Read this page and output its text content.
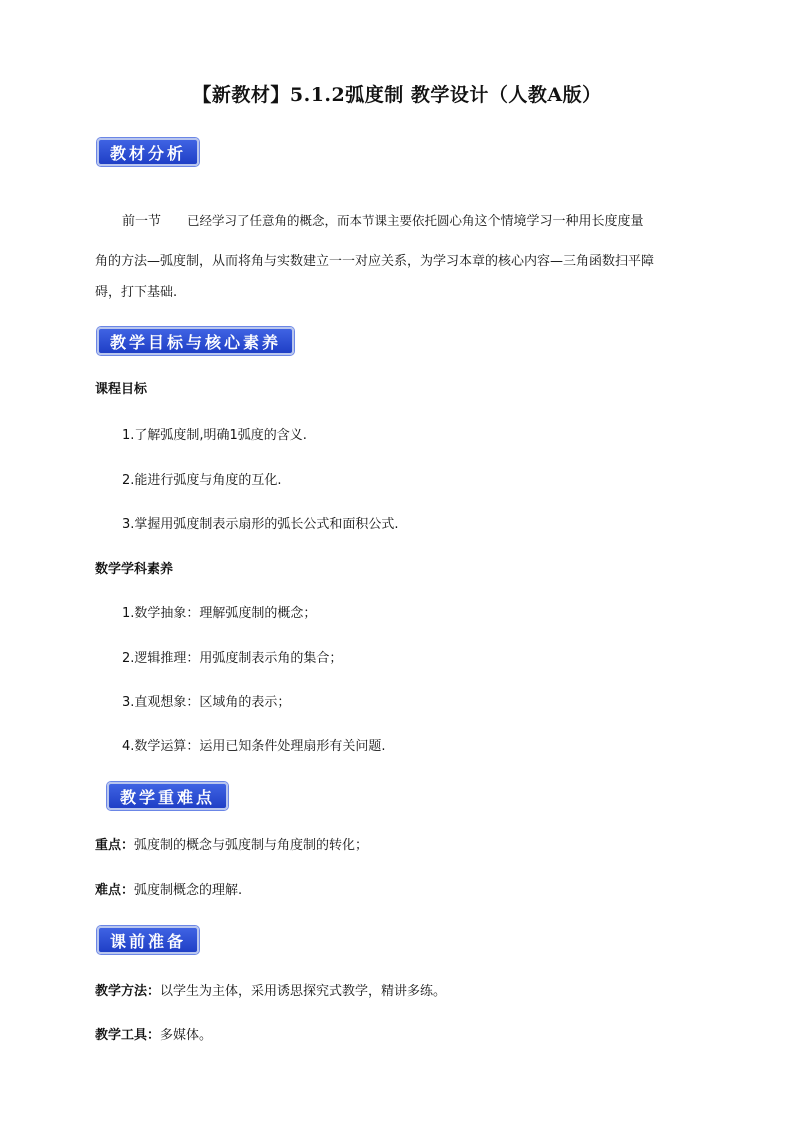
【新教材】5.1.2弧度制 教学设计（人教A版）
教材分析
前一节 已经学习了任意角的概念，而本节课主要依托圆心角这个情境学习一种用长度度量
角的方法—弧度制，从而将角与实数建立一一对应关系，为学习本章的核心内容—三角函数扫平障
碍，打下基础.
教学目标与核心素养
课程目标
1.了解弧度制,明确1弧度的含义.
2.能进行弧度与角度的互化.
3.掌握用弧度制表示扇形的弧长公式和面积公式.
数学学科素养
1.数学抽象：理解弧度制的概念；
2.逻辑推理：用弧度制表示角的集合；
3.直观想象：区域角的表示；
4.数学运算：运用已知条件处理扇形有关问题.
教学重难点
重点：弧度制的概念与弧度制与角度制的转化；
难点：弧度制概念的理解.
课前准备
教学方法：以学生为主体，采用诱思探究式教学，精讲多练。
教学工具：多媒体。
